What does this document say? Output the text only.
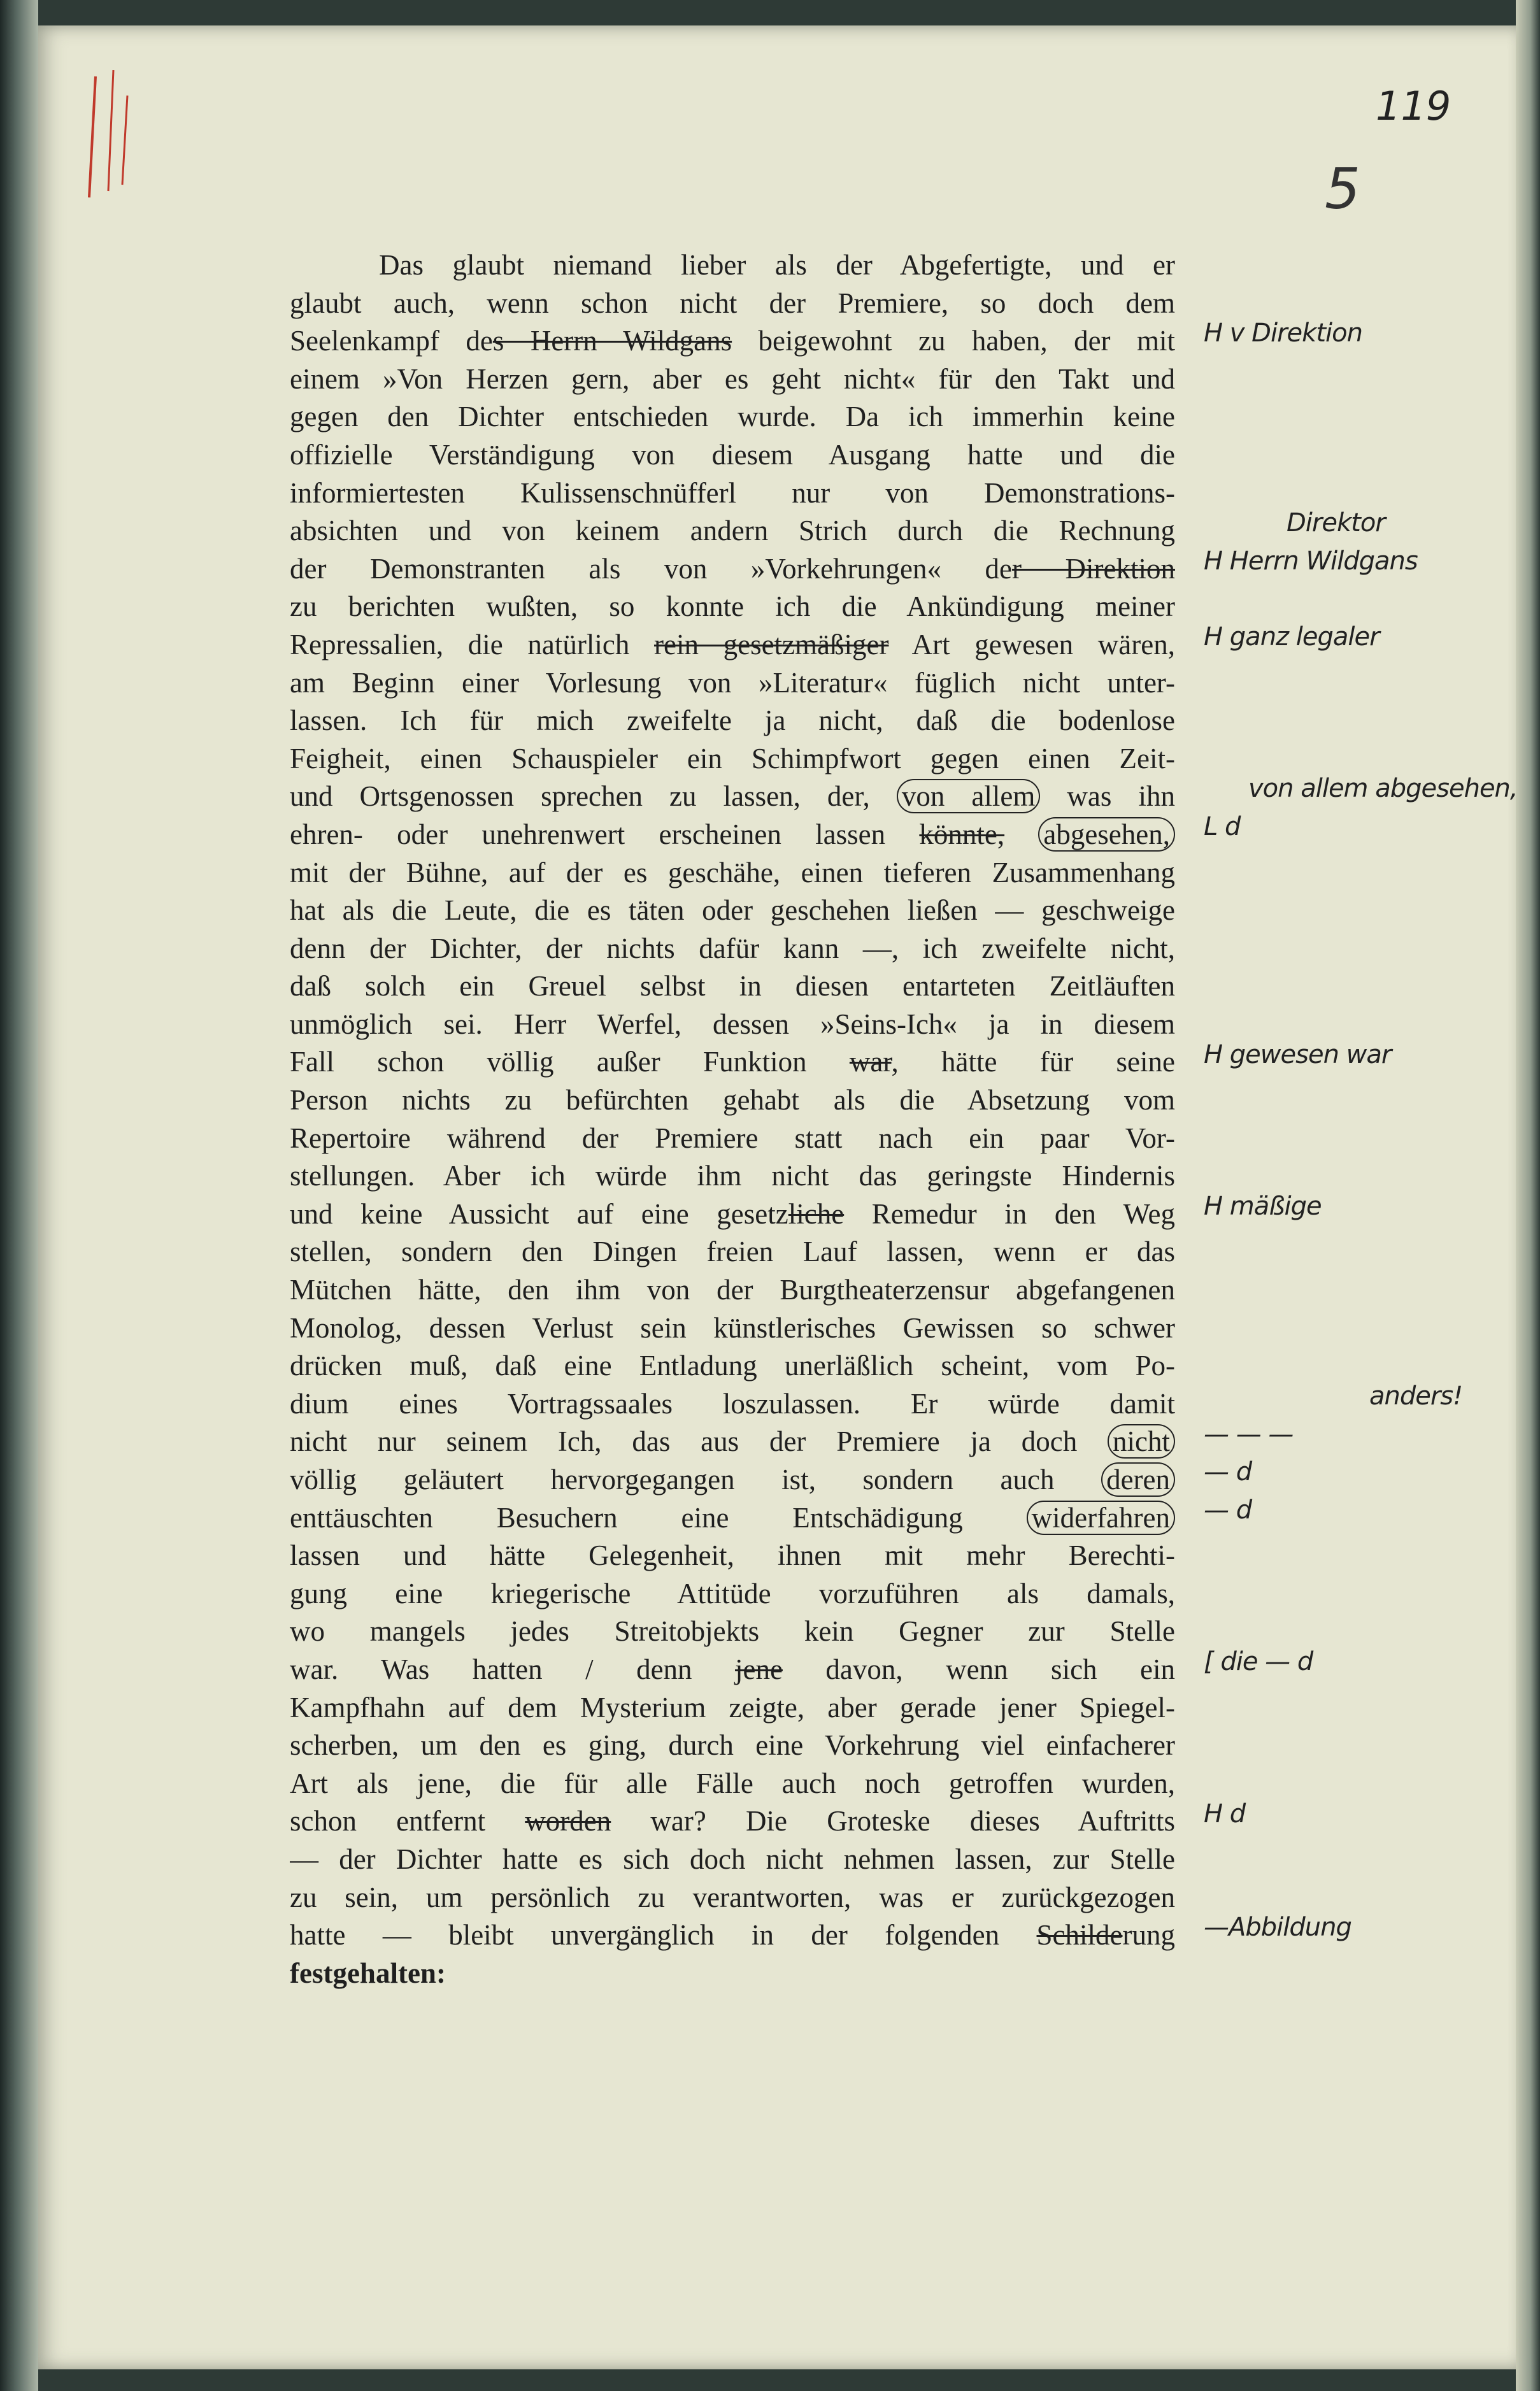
119
5
Das glaubt niemand lieber als der Abgefertigte, und er
glaubt auch, wenn schon nicht der Premiere, so doch dem
Seelenkampf des Herrn Wildgans beigewohnt zu haben, der mit
einem »Von Herzen gern, aber es geht nicht« für den Takt und
gegen den Dichter entschieden wurde. Da ich immerhin keine
offizielle Verständigung von diesem Ausgang hatte und die
informiertesten Kulissenschnüfferl nur von Demonstrations-
absichten und von keinem andern Strich durch die Rechnung
der Demonstranten als von »Vorkehrungen« der Direktion
zu berichten wußten, so konnte ich die Ankündigung meiner
Repressalien, die natürlich rein gesetzmäßiger Art gewesen wären,
am Beginn einer Vorlesung von »Literatur« füglich nicht unter-
lassen. Ich für mich zweifelte ja nicht, daß die bodenlose
Feigheit, einen Schauspieler ein Schimpfwort gegen einen Zeit-
und Ortsgenossen sprechen zu lassen, der, von allem was ihn
ehren- oder unehrenwert erscheinen lassen könnte, abgesehen,
mit der Bühne, auf der es geschähe, einen tieferen Zusammenhang
hat als die Leute, die es täten oder geschehen ließen — geschweige
denn der Dichter, der nichts dafür kann —, ich zweifelte nicht,
daß solch ein Greuel selbst in diesen entarteten Zeitläuften
unmöglich sei. Herr Werfel, dessen »Seins-Ich« ja in diesem
Fall schon völlig außer Funktion war, hätte für seine
Person nichts zu befürchten gehabt als die Absetzung vom
Repertoire während der Premiere statt nach ein paar Vor-
stellungen. Aber ich würde ihm nicht das geringste Hindernis
und keine Aussicht auf eine gesetzliche Remedur in den Weg
stellen, sondern den Dingen freien Lauf lassen, wenn er das
Mütchen hätte, den ihm von der Burgtheaterzensur abgefangenen
Monolog, dessen Verlust sein künstlerisches Gewissen so schwer
drücken muß, daß eine Entladung unerläßlich scheint, vom Po-
dium eines Vortragssaales loszulassen. Er würde damit
nicht nur seinem Ich, das aus der Premiere ja doch nicht
völlig geläutert hervorgegangen ist, sondern auch deren
enttäuschten Besuchern eine Entschädigung widerfahren
lassen und hätte Gelegenheit, ihnen mit mehr Berechti-
gung eine kriegerische Attitüde vorzuführen als damals,
wo mangels jedes Streitobjekts kein Gegner zur Stelle
war. Was hatten / denn jene davon, wenn sich ein
Kampfhahn auf dem Mysterium zeigte, aber gerade jener Spiegel-
scherben, um den es ging, durch eine Vorkehrung viel einfacherer
Art als jene, die für alle Fälle auch noch getroffen wurden,
schon entfernt worden war? Die Groteske dieses Auftritts
— der Dichter hatte es sich doch nicht nehmen lassen, zur Stelle
zu sein, um persönlich zu verantworten, was er zurückgezogen
hatte — bleibt unvergänglich in der folgenden Schilderung
festgehalten:
H v Direktion
Direktor
H Herrn Wildgans
H ganz legaler
von allem abgesehen,
L d
H gewesen war
H mäßige
anders!
— — —
— d
— d
[ die — d
H d
—Abbildung
